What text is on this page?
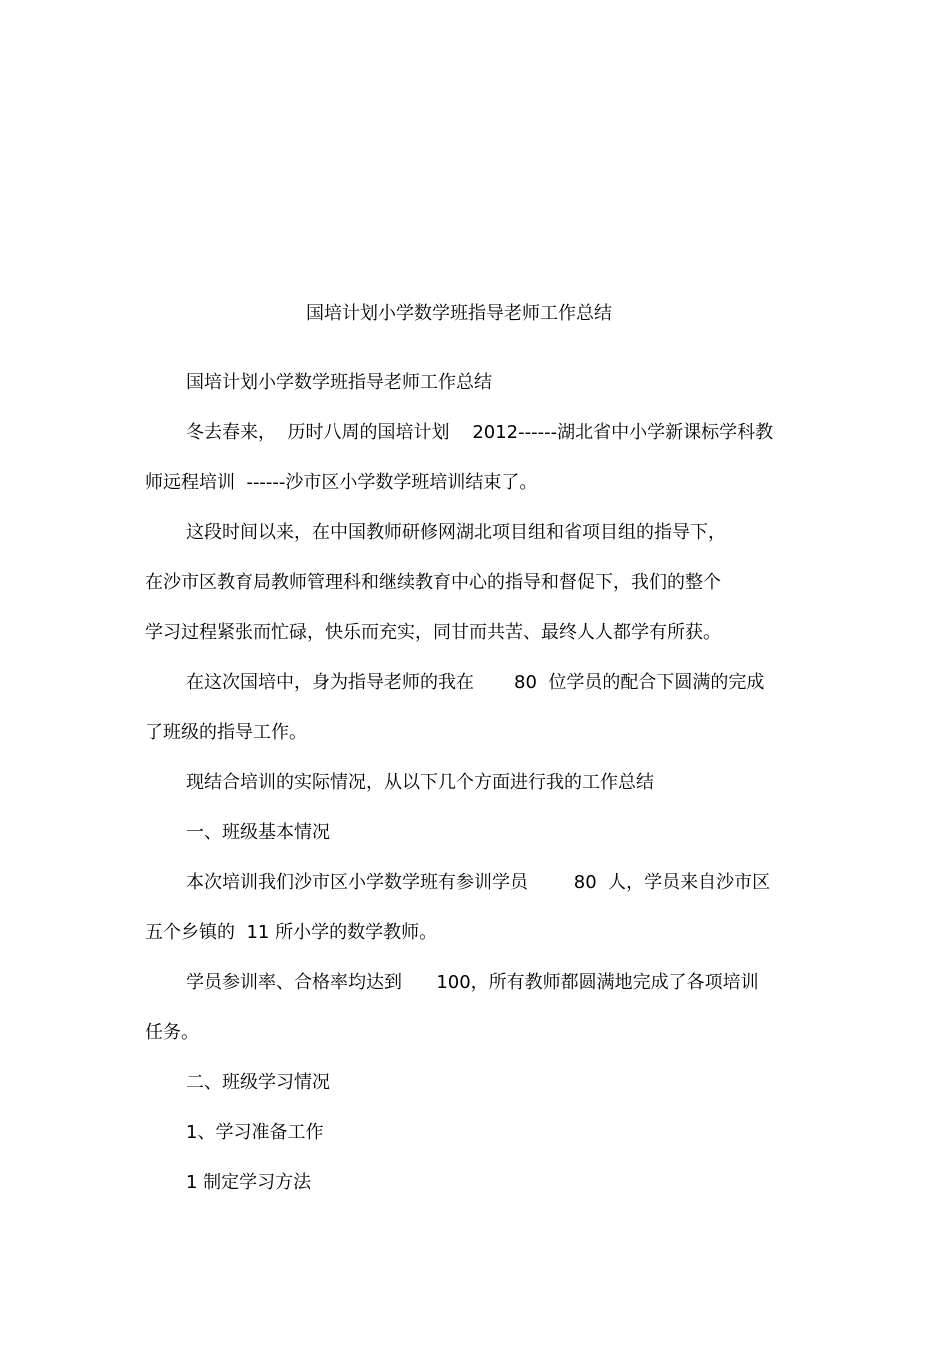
国培计划小学数学班指导老师工作总结
国培计划小学数学班指导老师工作总结
冬去春来，  历时八周的国培计划    2012------湖北省中小学新课标学科教
师远程培训  ------沙市区小学数学班培训结束了。
这段时间以来，在中国教师研修网湖北项目组和省项目组的指导下，
在沙市区教育局教师管理科和继续教育中心的指导和督促下，我们的整个
学习过程紧张而忙碌，快乐而充实，同甘而共苦、最终人人都学有所获。
在这次国培中，身为指导老师的我在       80  位学员的配合下圆满的完成
了班级的指导工作。
现结合培训的实际情况，从以下几个方面进行我的工作总结
一、班级基本情况
本次培训我们沙市区小学数学班有参训学员        80  人，学员来自沙市区
五个乡镇的  11 所小学的数学教师。
学员参训率、合格率均达到      100，所有教师都圆满地完成了各项培训
任务。
二、班级学习情况
1、学习准备工作
1 制定学习方法
